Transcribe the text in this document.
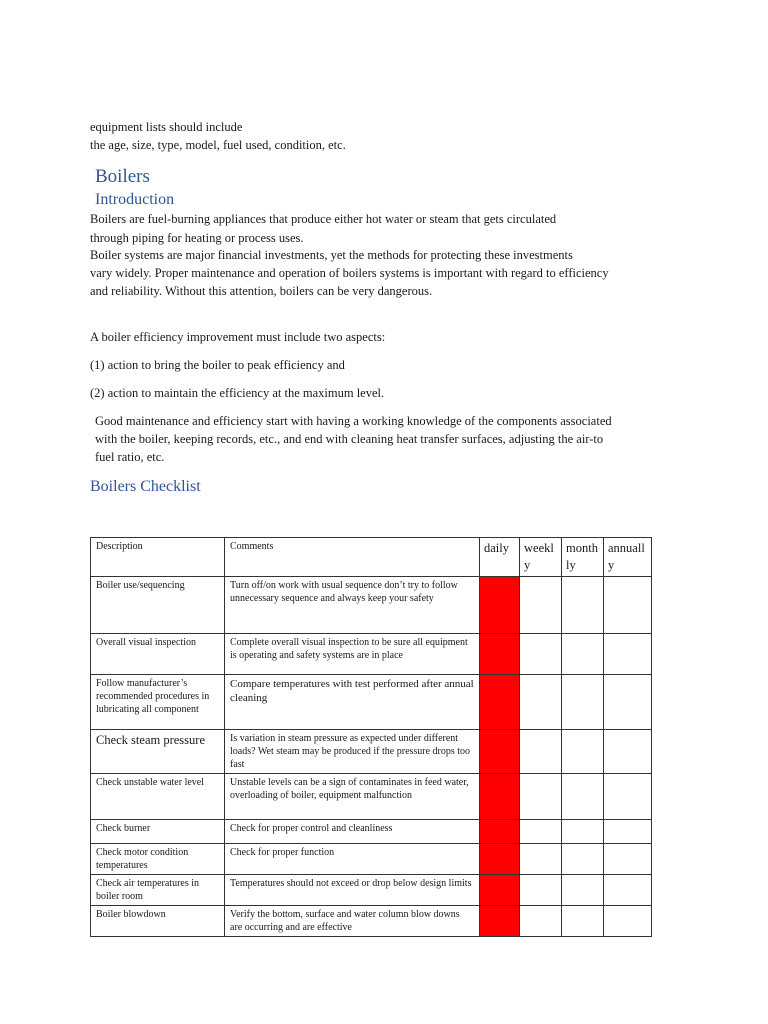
equipment lists should include
the age, size, type, model, fuel used, condition, etc.
Boilers
Introduction
Boilers are fuel-burning appliances that produce either hot water or steam that gets circulated
through piping for heating or process uses.
Boiler systems are major financial investments, yet the methods for protecting these investments
vary widely. Proper maintenance and operation of boilers systems is important with regard to efficiency
and reliability. Without this attention, boilers can be very dangerous.
A boiler efficiency improvement must include two aspects:
(1) action to bring the boiler to peak efficiency and
(2) action to maintain the efficiency at the maximum level.
Good maintenance and efficiency start with having a working knowledge of the components associated
with the boiler, keeping records, etc., and end with cleaning heat transfer surfaces, adjusting the air-to
fuel ratio, etc.
Boilers Checklist
Description	Comments	daily	weekly	monthly	annually
Boiler use/sequencing	Turn off/on work with usual sequence don’t try to follow unnecessary sequence and always keep your safety				
Overall visual inspection	Complete overall visual inspection to be sure all equipment is operating and safety systems are in place				
Follow manufacturer’s recommended procedures in lubricating all component	Compare temperatures with test performed after annual cleaning				
Check steam pressure	Is variation in steam pressure as expected under different loads? Wet steam may be produced if the pressure drops too fast				
Check unstable water level	Unstable levels can be a sign of contaminates in feed water, overloading of boiler, equipment malfunction				
Check burner	Check for proper control and cleanliness				
Check motor condition temperatures	Check for proper function				
Check air temperatures in boiler room	Temperatures should not exceed or drop below design limits				
Boiler blowdown	Verify the bottom, surface and water column blow downs are occurring and are effective				
